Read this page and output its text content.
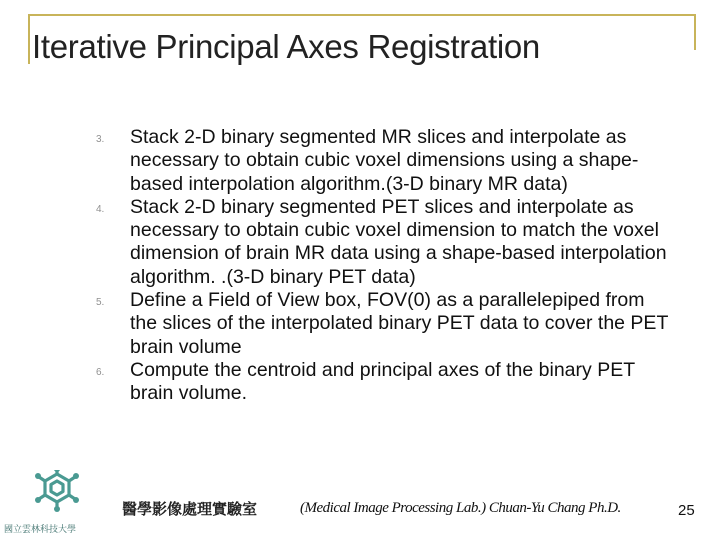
Iterative Principal Axes Registration
3. Stack 2-D binary segmented MR slices and interpolate as necessary to obtain cubic voxel dimensions using a shape-based interpolation algorithm.(3-D binary MR data)
4. Stack 2-D binary segmented PET slices and interpolate as necessary to obtain cubic voxel dimension to match the voxel dimension of brain MR data using a shape-based interpolation algorithm. .(3-D binary PET data)
5. Define a Field of View box, FOV(0) as a parallelepiped from the slices of the interpolated binary PET data to cover the PET brain volume
6. Compute the centroid and principal axes of the binary PET brain volume.
國立雲林科技大學
醫學影像處理實驗室	(Medical Image Processing Lab.) Chuan-Yu Chang Ph.D.	25
